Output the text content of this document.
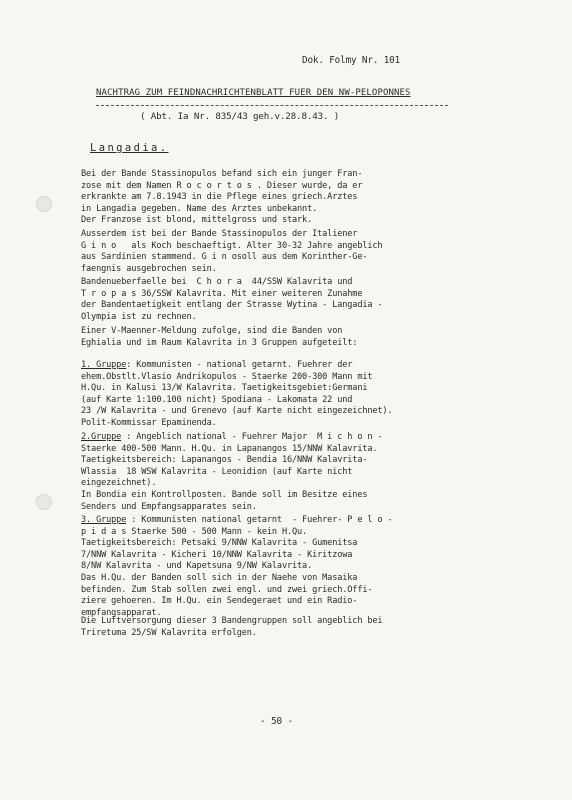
Dok. Folmy Nr. 101
NACHTRAG ZUM FEINDNACHRICHTENBLATT FUER DEN NW-PELOPONNES
( Abt. Ia Nr. 835/43 geh.v.28.8.43. )
Langadia.
Bei der Bande Stassinopulos befand sich ein junger Fran-
zose mit dem Namen R o c o r t o s . Dieser wurde, da er
erkrankte am 7.8.1943 in die Pflege eines griech.Arztes
in Langadia gegeben. Name des Arztes unbekannt.
Der Franzose ist blond, mittelgross und stark.
Ausserdem ist bei der Bande Stassinopulos der Italiener
G i n o   als Koch beschaeftigt. Alter 30-32 Jahre angeblich
aus Sardinien stammend. G i n osoll aus dem Korinther-Ge-
faengnis ausgebrochen sein.
Bandenueberfaelle bei  C h o r a  44/SSW Kalavrita und
T r o p a s 36/SSW Kalavrita. Mit einer weiteren Zunahme
der Bandentaetigkeit entlang der Strasse Wytina - Langadia -
Olympia ist zu rechnen.
Einer V-Maenner-Meldung zufolge, sind die Banden von
Eghialia und im Raum Kalavrita in 3 Gruppen aufgeteilt:
1. Gruppe: Kommunisten - national getarnt. Fuehrer der
ehem.Obstlt.Vlasio Andrikopulos - Staerke 200-300 Mann mit
H.Qu. in Kalusi 13/W Kalavrita. Taetigkeitsgebiet:Germani
(auf Karte 1:100.100 nicht) Spodiana - Lakomata 22 und
23 /W Kalavrita - und Grenevo (auf Karte nicht eingezeichnet).
Polit-Kommissar Epaminenda.
2.Gruppe : Angeblich national - Fuehrer Major  M i c h o n -
Staerke 400-500 Mann. H.Qu. in Lapanangos 15/NNW Kalavrita.
Taetigkeitsbereich: Lapanangos - Bendia 16/NNW Kalavrita-
Wlassia  18 WSW Kalavrita - Leonidion (auf Karte nicht
eingezeichnet).
In Bondia ein Kontrollposten. Bande soll im Besitze eines
Senders und Empfangsapparates sein.
3. Gruppe : Kommunisten national getarnt  - Fuehrer- P e l o -
p i d a s Staerke 500 - 500 Mann - kein H.Qu.
Taetigkeitsbereich: Petsaki 9/NNW Kalavrita - Gumenitsa
7/NNW Kalavrita - Kicheri 10/NNW Kalavrita - Kiritzowa
8/NW Kalavrita - und Kapetsuna 9/NW Kalavrita.
Das H.Qu. der Banden soll sich in der Naehe von Masaika
befinden. Zum Stab sollen zwei engl. und zwei griech.Offi-
ziere gehoeren. Im H.Qu. ein Sendegeraet und ein Radio-
empfangsapparat.
Die Luftversorgung dieser 3 Bandengruppen soll angeblich bei
Triretuma 25/SW Kalavrita erfolgen.
- 50 -
